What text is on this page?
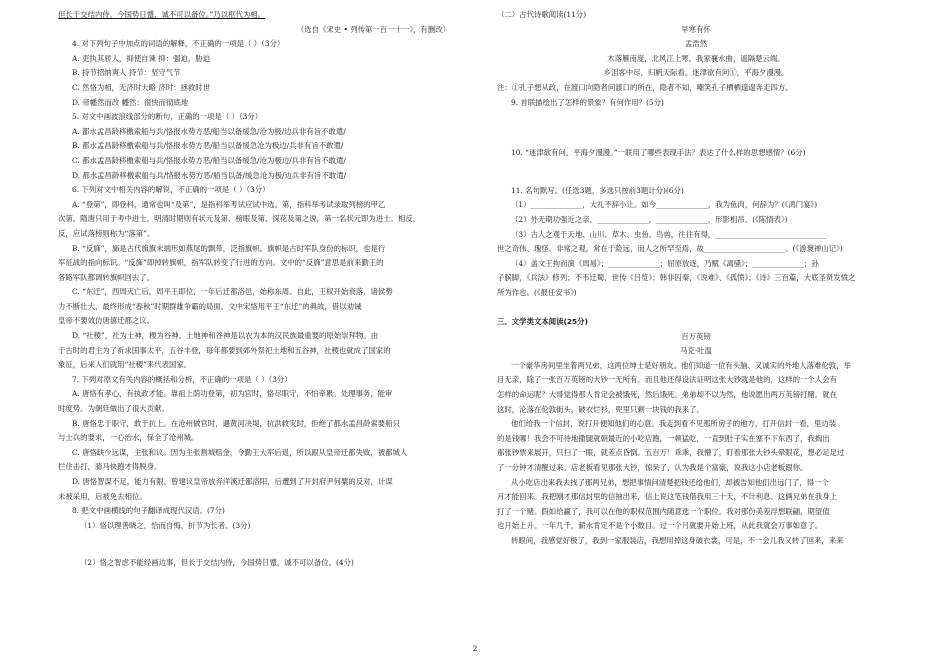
但长于交结内侍，今国势日蹙，诚不可以备位。”乃以枢代为相。
（选自《宋史 • 列传第一百一十一》，有删改）
4. 对下列句子中加点的词语的解释，不正确的一项是（ ）（3分）
A. 吏执其骄人，抑使自谏 抑：强迫，胁迫
B. 持节招纳爽人 持节：坚守气节
C. 然恪为相，无济时大略 济时：拯救时世
D. 帝幡然而改 幡然：很快而彻底地
5. 对文中画波浪线部分的断句，正确的一项是（ ）（3分）
A. 都水孟昌龄移檄索船与兵/恪报水势方恶/船当以备缓急/沧为极/边兵非有旨不敢遣/
B. 都水孟昌龄移檄索船与兵/恪报水势方恶/船当以备缓急沧为极边/兵非有旨不敢遣/
C. 都水孟昌龄移檄索船与兵/恪报水势方恶/船当以备缓急/沧为极边/兵非有旨不敢遣/
D. 都水孟昌龄移檄索船与兵/恪报水势方恶/船当以备/缓急沧为极/边兵非有旨不敢遣/
6. 下列对文中相关内容的解说，不正确的一项是（ ）（3分）
A. “登第”，即登科，通常也叫“及第”，是指科举考试应试中选。第，指科举考试录取列榜的甲乙
次第。隋唐只用于考中进士，明清时期则有状元及第、榜眼及第、探花及第之说，第一名状元即为进士。相反，
反，应试落榜则称为“落第”。
B. “反旆”，旆是古代旗旗末端形如燕尾的飘带，泛指旗帜。旗帜是古时军队身份的标识，也是行
军征战的指向标识。“反旆”即掉转旗帜，指军队转变了行进的方向。文中的“反旆”意思是前来勤王的
各路军队都调转旗帜回去了。
C. “东迁”，西周灭亡后，周平王即位，一年后迁都洛邑，始称东周。自此，王权开始衰落，诸侯势
力不断壮大，最终形成“春秋”时期群雄争霸的局面。文中宋恪用平王“东迁”的典故，借以劝诫
皇帝不要效仿唐僖迁都之议。
D. “社稷”，社为土神，稷为谷神。土地神和谷神是以农为本的汉民族最重要的原始崇拜物。由
于古时的君主为了祈求国事太平，五谷丰登，每年都要到郊外祭祀土地和五谷神，社稷也就成了国家的
象征，后来人们就用“社稷”来代表国家。
7. 下列对原文有关内容的概括和分析，不正确的一项是（ ）（3分）
A. 唐恪有孝心，有执政才能。靠祖上荫功登第，初为官时，恪尽职守，不怕牵累。处理事务，能审
时度势。为朝廷做出了很大贡献。
B. 唐恪忠于职守，敢于抗上。在沧州做官时，遇黄河决堤，抗洪救灾时，拒绝了都水孟昌龄索要船只
与士兵的要求，一心治水，保全了沧州城。
C. 唐恪缺少远谋，主张和议。因为主张割城赔金，令勤王大军后退，所以跟从皇帝迁都失败，被都城人
拦住击打，骑马快跑才得脱身。
D. 唐恪智谋不足，能力有限，曾建议皇帝放弃洋溪迁都洛阳，后遭到了开封府尹何粟的反对，计谋
未被采用，后被免去相位。
8. 把文中画横线的句子翻译成现代汉语。(7分)
（1）恪以理善晓之，恰而自悔，折节为长者。(3分)
（2）恪之智虑不能经画边事，但长于交结内侍，今国势日蹙，诚不可以备位。(4分)
（二）古代诗歌阅读(11分)
早寒有怀
孟浩然
木落雁南度，北风江上寒。我家襄水曲，遥隔楚云端。
乡泪客中尽，归帆天际看。迷津欲有问①，平海夕漫漫。
注：①孔子想从政，在渡口向隐者问渡口的所在，隐者不知，嘲笑孔子栖栖遑遑奔走四方。
9. 首联描绘出了怎样的景象？有何作用？(5分)
10. “迷津欲有问，平海夕漫漫。”一联用了哪些表现手法？表达了什么样的思想感情？(6分)
11. 名句默写。(任选3题，多选只按前3题计分)(6分)
（1）______________，大礼不辞小让。如今______________，我为鱼肉，何辞为？(《鸿门宴》)
（2）外无期功强近之亲，______________，______________，形影相吊。(《陈情表》)
（3）古人之观于天地、山川、草木、虫鱼、鸟兽，往往有得，______________________________
世之奇伟、瑰怪、非常之观，常在于险远，而人之所罕至焉，故______________________。(《游褒禅山记》)
（4）盖文王拘而演《周易》；______________；屈原放逐，乃赋《离骚》；______________；孙
子膑脚，《兵法》修列；不韦迁蜀，世传《吕览》；韩非囚秦，《说难》、《孤愤》；《诗》三百篇，大底圣贤发愤之
所为作也。(《报任安书》)
三、文学类文本阅读(25分)
百万英镑
马克·吐温
一个豪华房间里坐着两兄弟，这两位绅士是好朋友。他们知道一位有头脑、又诚实的外地人落难伦敦，举
目无亲，除了一张百万英镑的大钞一无所有。而且他还得设法证明这张大钞就是他的，这样的一个人会有
怎样的命运呢？大哥觉得那人肯定会被饿死，然后饿死。弟弟却不以为然，他说愿出两万英镑打赌。就在
这时，沦落在伦敦街头，破衣烂衫，兜里只剩一块钱的我来了。
他们给我一个信封，说打开便知他们的心意。我走到看不见那所房子的地方，打开信封一看，里边装
的是钱哪！我会不可待地撒腿就朝最近的小吃店跑，一顿猛吃，一直到肚子实在塞不下东西了，我掏出
那张钞票来展开，只扫了一眼，就差点昏倒。五百万！乖乖，我懵了，盯着那张大钞头晕眼花，想必足足过
了一分钟才清醒过来。店老板看见那张大钞，惊呆了，认为我是个富豪，说我这小店老板跟你。
从小吃店出来我去找了那两兄弟，想把事情问清楚把钱还给他们，却被告知他们出远门了，得一个
月才能回来。我把刚才那信封里的信抽出来，信上说这笔钱借我用三十天，不计利息。这俩兄弟在我身上
打了一个赌。假如给赢了，我可以在他的职权范围内随意选一个职位。我对那份美差浮想联翩，期望值
也开始上升。一年几千，薪水肯定不是个小数目。过一个月就要开始上班，从此我就会万事如意了。
转眼间，我感觉好极了，我到一家服装店，我想用掉这身破衣裳，可是，不一会儿我又转了回来，来来
2
